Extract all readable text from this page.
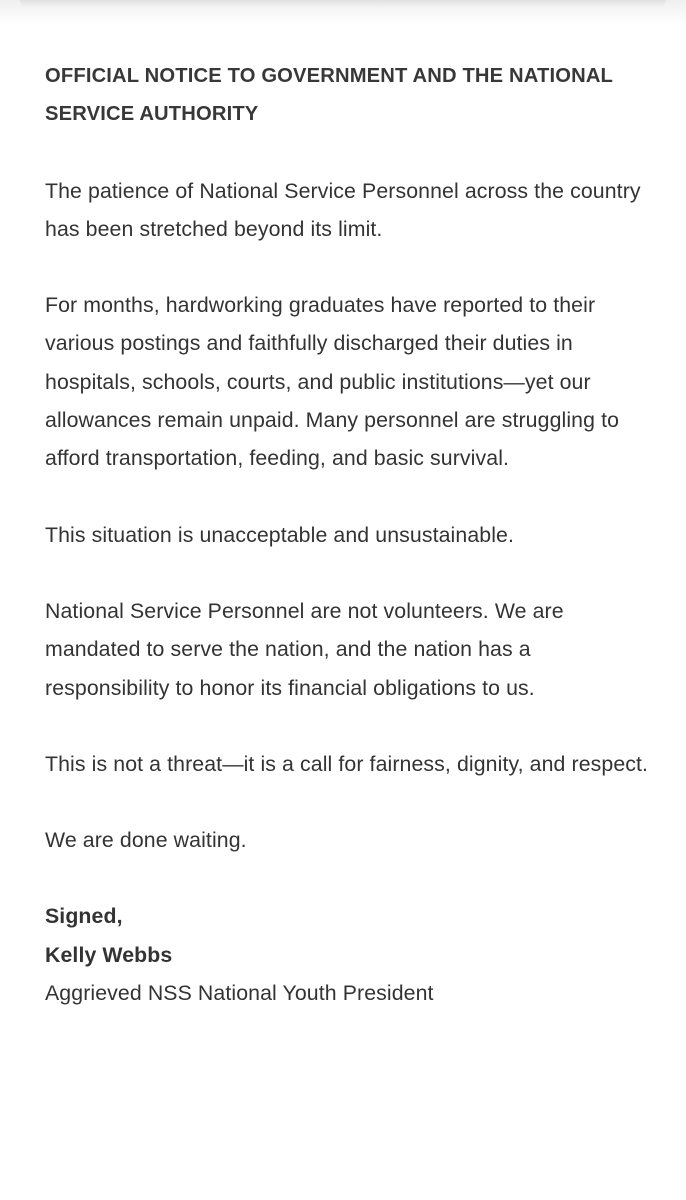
OFFICIAL NOTICE TO GOVERNMENT AND THE NATIONAL SERVICE AUTHORITY

The patience of National Service Personnel across the country has been stretched beyond its limit.

For months, hardworking graduates have reported to their various postings and faithfully discharged their duties in hospitals, schools, courts, and public institutions—yet our allowances remain unpaid. Many personnel are struggling to afford transportation, feeding, and basic survival.

This situation is unacceptable and unsustainable.

National Service Personnel are not volunteers. We are mandated to serve the nation, and the nation has a responsibility to honor its financial obligations to us.

This is not a threat—it is a call for fairness, dignity, and respect.

We are done waiting.

Signed,
Kelly Webbs
Aggrieved NSS National Youth President
